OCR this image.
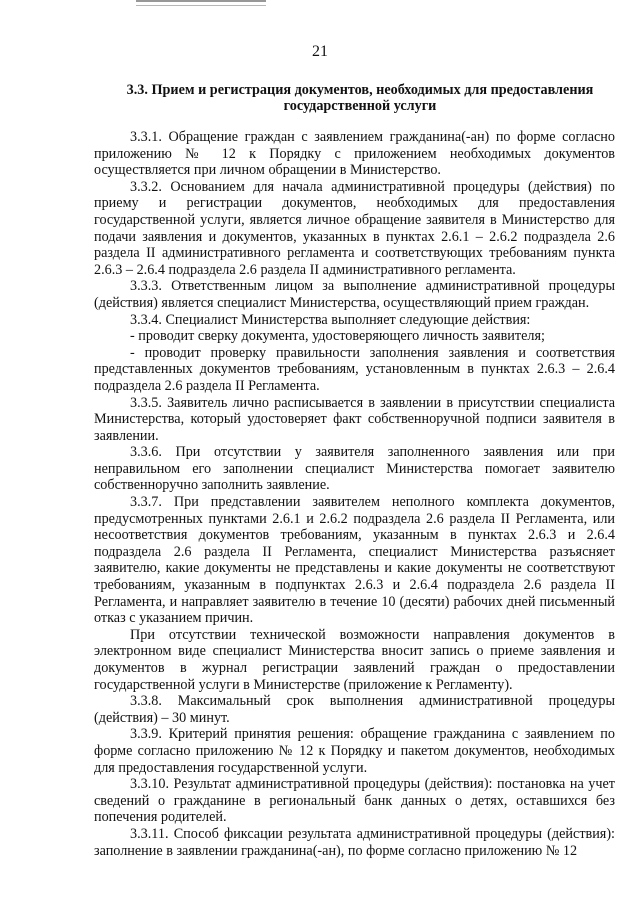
21
3.3. Прием и регистрация документов, необходимых для предоставления государственной услуги

3.3.1. Обращение граждан с заявлением гражданина(-ан) по форме согласно приложению № 12 к Порядку с приложением необходимых документов осуществляется при личном обращении в Министерство.

3.3.2. Основанием для начала административной процедуры (действия) по приему и регистрации документов, необходимых для предоставления государственной услуги, является личное обращение заявителя в Министерство для подачи заявления и документов, указанных в пунктах 2.6.1 – 2.6.2 подраздела 2.6 раздела II административного регламента и соответствующих требованиям пункта 2.6.3 – 2.6.4 подраздела 2.6 раздела II административного регламента.

3.3.3. Ответственным лицом за выполнение административной процедуры (действия) является специалист Министерства, осуществляющий прием граждан.

3.3.4. Специалист Министерства выполняет следующие действия:

- проводит сверку документа, удостоверяющего личность заявителя;

- проводит проверку правильности заполнения заявления и соответствия представленных документов требованиям, установленным в пунктах 2.6.3 – 2.6.4 подраздела 2.6 раздела II Регламента.

3.3.5. Заявитель лично расписывается в заявлении в присутствии специалиста Министерства, который удостоверяет факт собственноручной подписи заявителя в заявлении.

3.3.6. При отсутствии у заявителя заполненного заявления или при неправильном его заполнении специалист Министерства помогает заявителю собственноручно заполнить заявление.

3.3.7. При представлении заявителем неполного комплекта документов, предусмотренных пунктами 2.6.1 и 2.6.2 подраздела 2.6 раздела II Регламента, или несоответствия документов требованиям, указанным в пунктах 2.6.3 и 2.6.4 подраздела 2.6 раздела II Регламента, специалист Министерства разъясняет заявителю, какие документы не представлены и какие документы не соответствуют требованиям, указанным в подпунктах 2.6.3 и 2.6.4 подраздела 2.6 раздела II Регламента, и направляет заявителю в течение 10 (десяти) рабочих дней письменный отказ с указанием причин.

При отсутствии технической возможности направления документов в электронном виде специалист Министерства вносит запись о приеме заявления и документов в журнал регистрации заявлений граждан о предоставлении государственной услуги в Министерстве (приложение к Регламенту).

3.3.8. Максимальный срок выполнения административной процедуры (действия) – 30 минут.

3.3.9. Критерий принятия решения: обращение гражданина с заявлением по форме согласно приложению № 12 к Порядку и пакетом документов, необходимых для предоставления государственной услуги.

3.3.10. Результат административной процедуры (действия): постановка на учет сведений о гражданине в региональный банк данных о детях, оставшихся без попечения родителей.

3.3.11. Способ фиксации результата административной процедуры (действия): заполнение в заявлении гражданина(-ан), по форме согласно приложению № 12
